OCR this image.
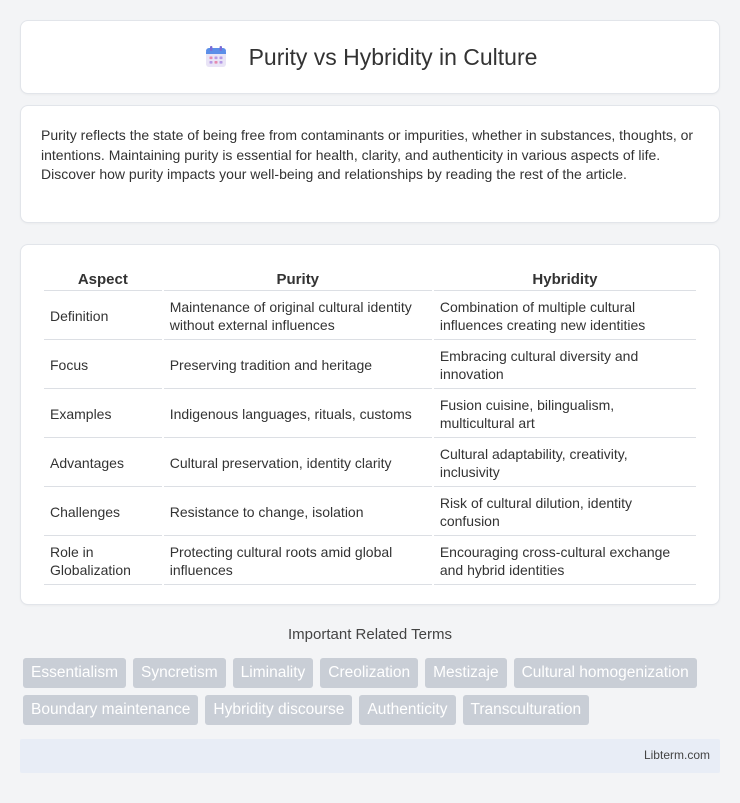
Purity vs Hybridity in Culture

Purity reflects the state of being free from contaminants or impurities, whether in substances, thoughts, or intentions. Maintaining purity is essential for health, clarity, and authenticity in various aspects of life. Discover how purity impacts your well-being and relationships by reading the rest of the article.

Aspect	Purity	Hybridity
Definition	Maintenance of original cultural identity without external influences	Combination of multiple cultural influences creating new identities
Focus	Preserving tradition and heritage	Embracing cultural diversity and innovation
Examples	Indigenous languages, rituals, customs	Fusion cuisine, bilingualism, multicultural art
Advantages	Cultural preservation, identity clarity	Cultural adaptability, creativity, inclusivity
Challenges	Resistance to change, isolation	Risk of cultural dilution, identity confusion
Role in Globalization	Protecting cultural roots amid global influences	Encouraging cross-cultural exchange and hybrid identities
Important Related Terms
Essentialism	Syncretism	Liminality	Creolization	Mestizaje	Cultural homogenization
Boundary maintenance	Hybridity discourse	Authenticity	Transculturation
Libterm.com
